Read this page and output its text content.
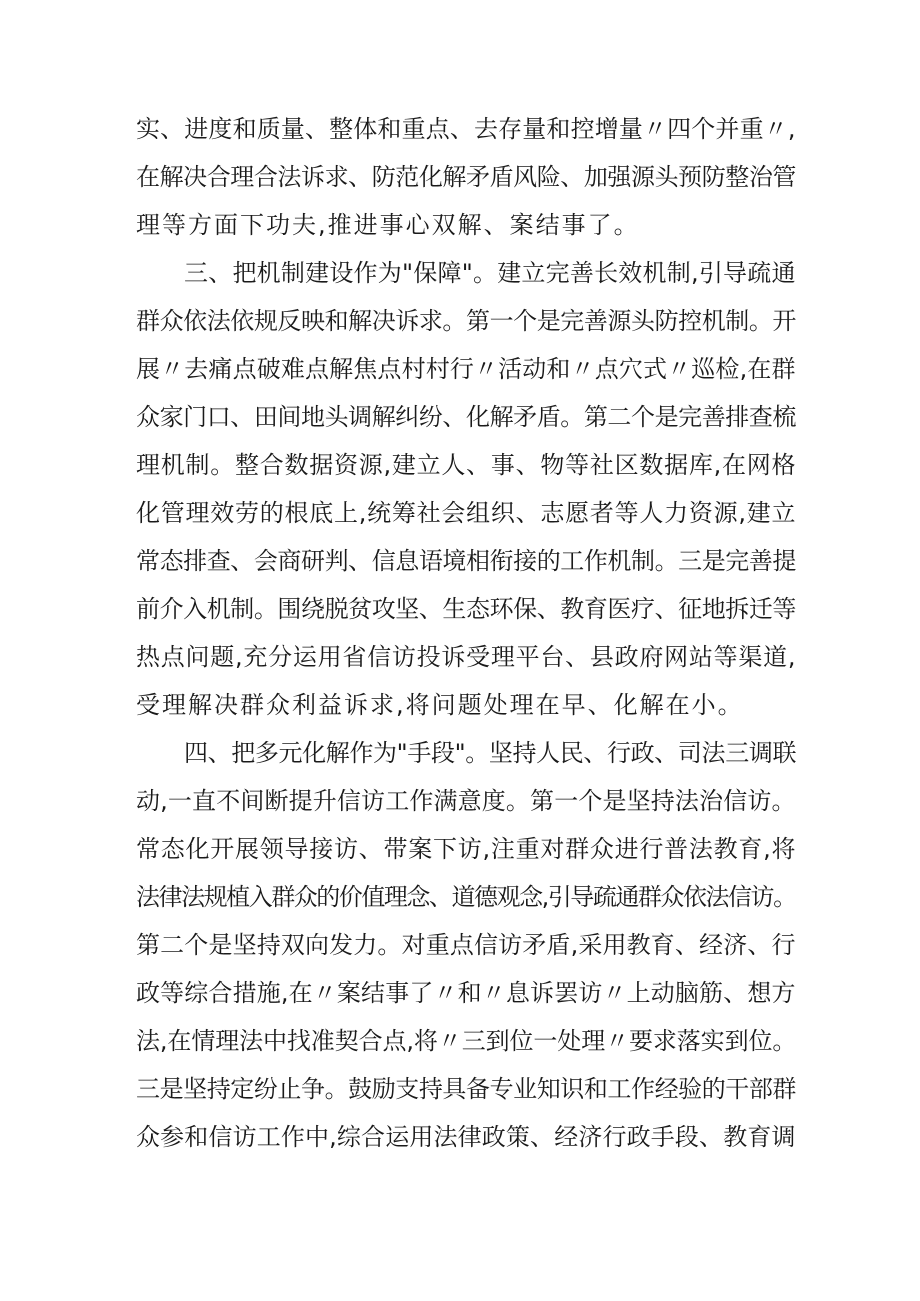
实、进度和质量、整体和重点、去存量和控增量〃四个并重〃,
在解决合理合法诉求、防范化解矛盾风险、加强源头预防整治管
理等方面下功夫,推进事心双解、案结事了。
三、把机制建设作为"保障"。建立完善长效机制,引导疏通
群众依法依规反映和解决诉求。第一个是完善源头防控机制。开
展〃去痛点破难点解焦点村村行〃活动和〃点穴式〃巡检,在群
众家门口、田间地头调解纠纷、化解矛盾。第二个是完善排查梳
理机制。整合数据资源,建立人、事、物等社区数据库,在网格
化管理效劳的根底上,统筹社会组织、志愿者等人力资源,建立
常态排查、会商研判、信息语境相衔接的工作机制。三是完善提
前介入机制。围绕脱贫攻坚、生态环保、教育医疗、征地拆迁等
热点问题,充分运用省信访投诉受理平台、县政府网站等渠道,
受理解决群众利益诉求,将问题处理在早、化解在小。
四、把多元化解作为"手段"。坚持人民、行政、司法三调联
动,一直不间断提升信访工作满意度。第一个是坚持法治信访。
常态化开展领导接访、带案下访,注重对群众进行普法教育,将
法律法规植入群众的价值理念、道德观念,引导疏通群众依法信访。
第二个是坚持双向发力。对重点信访矛盾,采用教育、经济、行
政等综合措施,在〃案结事了〃和〃息诉罢访〃上动脑筋、想方
法,在情理法中找准契合点,将〃三到位一处理〃要求落实到位。
三是坚持定纷止争。鼓励支持具备专业知识和工作经验的干部群
众参和信访工作中,综合运用法律政策、经济行政手段、教育调
